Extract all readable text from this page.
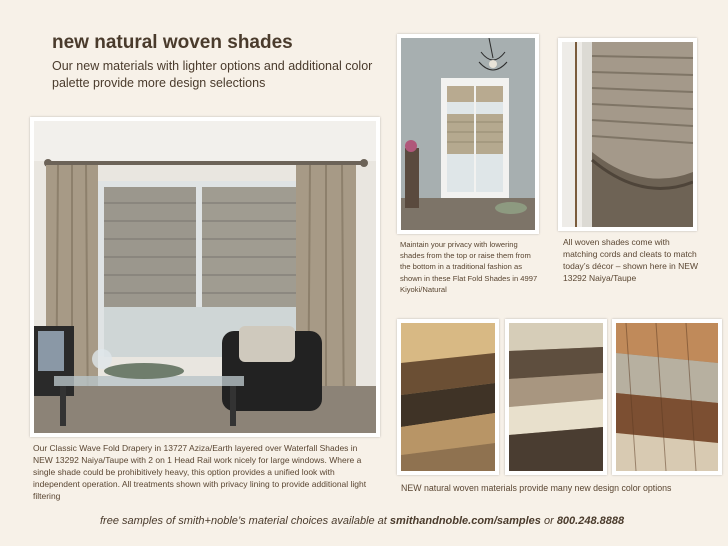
new natural woven shades
Our new materials with lighter options and additional color palette provide more design selections
Our Classic Wave Fold Drapery in 13727 Aziza/Earth layered over Waterfall Shades in NEW 13292 Naiya/Taupe with 2 on 1 Head Rail work nicely for large windows. Where a single shade could be prohibitively heavy, this option provides a unified look with independent operation. All treatments shown with privacy lining to provide additional light filtering
Maintain your privacy with lowering shades from the top or raise them from the bottom in a traditional fashion as shown in these Flat Fold Shades in 4997 Kiyoki/Natural
All woven shades come with matching cords and cleats to match today’s décor – shown here in NEW 13292 Naiya/Taupe
NEW natural woven materials provide many new design color options
free samples of smith+noble’s material choices available at smithandnoble.com/samples or 800.248.8888
